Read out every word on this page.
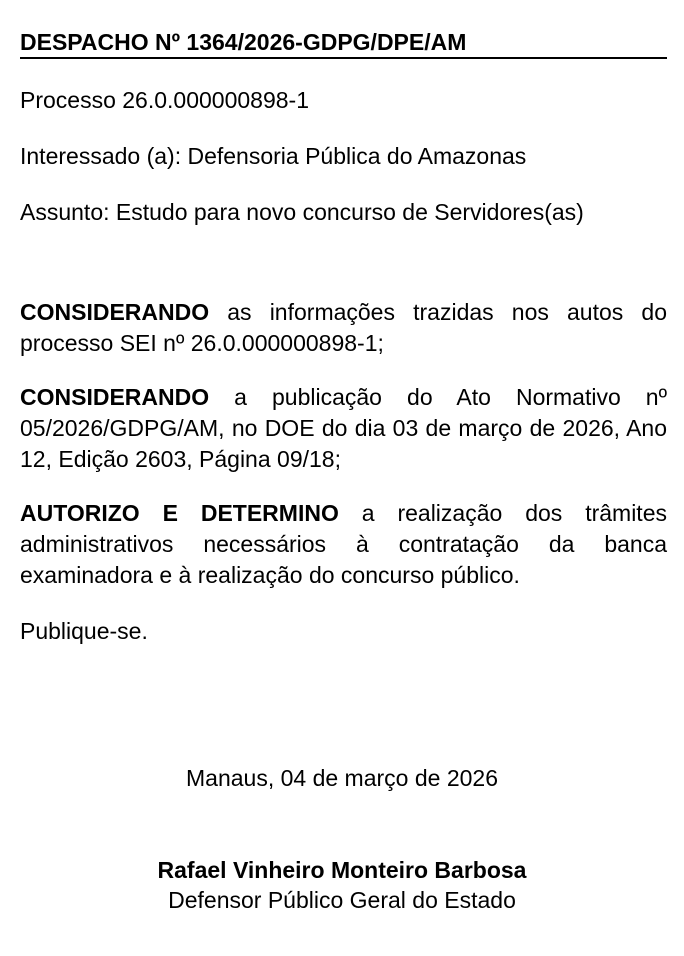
DESPACHO Nº 1364/2026-GDPG/DPE/AM
Processo 26.0.000000898-1
Interessado (a): Defensoria Pública do Amazonas
Assunto: Estudo para novo concurso de Servidores(as)
CONSIDERANDO as informações trazidas nos autos do processo SEI nº 26.0.000000898-1;
CONSIDERANDO a publicação do Ato Normativo nº 05/2026/GDPG/AM, no DOE do dia 03 de março de 2026, Ano 12, Edição 2603, Página 09/18;
AUTORIZO E DETERMINO a realização dos trâmites administrativos necessários à contratação da banca examinadora e à realização do concurso público.
Publique-se.
Manaus, 04 de março de 2026
Rafael Vinheiro Monteiro Barbosa
Defensor Público Geral do Estado
